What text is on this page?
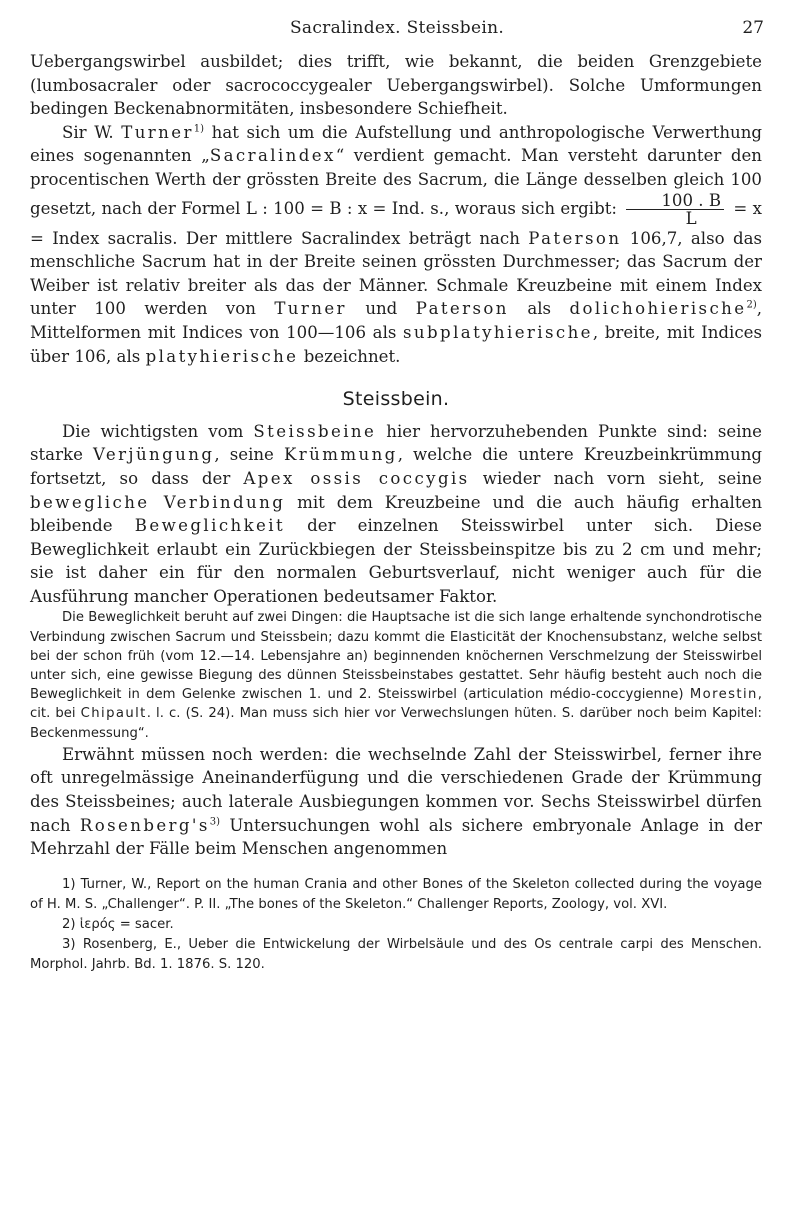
Sacralindex. Steissbein.	27

Uebergangswirbel ausbildet; dies trifft, wie bekannt, die beiden Grenzgebiete (lumbosacraler oder sacrococcygealer Uebergangswirbel). Solche Umformungen bedingen Beckenabnormitäten, insbesondere Schiefheit.

Sir W. Turner$^{1)}$ hat sich um die Aufstellung und anthropologische Verwerthung eines sogenannten „Sacralindex“ verdient gemacht. Man versteht darunter den procentischen Werth der grössten Breite des Sacrum, die Länge desselben gleich 100 gesetzt, nach der Formel L : 100 = B : x = Ind. s., woraus sich ergibt: $\frac{100 . B}{L} = x$ = Index sacralis. Der mittlere Sacralindex beträgt nach Paterson 106,7, also das menschliche Sacrum hat in der Breite seinen grössten Durchmesser; das Sacrum der Weiber ist relativ breiter als das der Männer. Schmale Kreuzbeine mit einem Index unter 100 werden von Turner und Paterson als dolichohierische$^{2)}$, Mittelformen mit Indices von 100—106 als subplatyhierische, breite, mit Indices über 106, als platyhierische bezeichnet.

Steissbein.

Die wichtigsten vom Steissbeine hier hervorzuhebenden Punkte sind: seine starke Verjüngung, seine Krümmung, welche die untere Kreuzbeinkrümmung fortsetzt, so dass der Apex ossis coccygis wieder nach vorn sieht, seine bewegliche Verbindung mit dem Kreuzbeine und die auch häufig erhalten bleibende Beweglichkeit der einzelnen Steisswirbel unter sich. Diese Beweglichkeit erlaubt ein Zurückbiegen der Steissbeinspitze bis zu 2 cm und mehr; sie ist daher ein für den normalen Geburtsverlauf, nicht weniger auch für die Ausführung mancher Operationen bedeutsamer Faktor.

Die Beweglichkeit beruht auf zwei Dingen: die Hauptsache ist die sich lange erhaltende synchondrotische Verbindung zwischen Sacrum und Steissbein; dazu kommt die Elasticität der Knochensubstanz, welche selbst bei der schon früh (vom 12.—14. Lebensjahre an) beginnenden knöchernen Verschmelzung der Steisswirbel unter sich, eine gewisse Biegung des dünnen Steissbeinstabes gestattet. Sehr häufig besteht auch noch die Beweglichkeit in dem Gelenke zwischen 1. und 2. Steisswirbel (articulation médio-coccygienne) Morestin, cit. bei Chipault. l. c. (S. 24). Man muss sich hier vor Verwechslungen hüten. S. darüber noch beim Kapitel: Beckenmessung“.

Erwähnt müssen noch werden: die wechselnde Zahl der Steisswirbel, ferner ihre oft unregelmässige Aneinanderfügung und die verschiedenen Grade der Krümmung des Steissbeines; auch laterale Ausbiegungen kommen vor. Sechs Steisswirbel dürfen nach $Rosenberg's^{3)}$ Untersuchungen wohl als sichere embryonale Anlage in der Mehrzahl der Fälle beim Menschen angenommen

1) Turner, W., Report on the human Crania and other Bones of the Skeleton collected during the voyage of H. M. S. „Challenger“. P. II. „The bones of the Skeleton.“ Challenger Reports, Zoology, vol. XVI.

2) ἱερός = sacer.

3) Rosenberg, E., Ueber die Entwickelung der Wirbelsäule und des Os centrale carpi des Menschen. Morphol. Jahrb. Bd. 1. 1876. S. 120.
